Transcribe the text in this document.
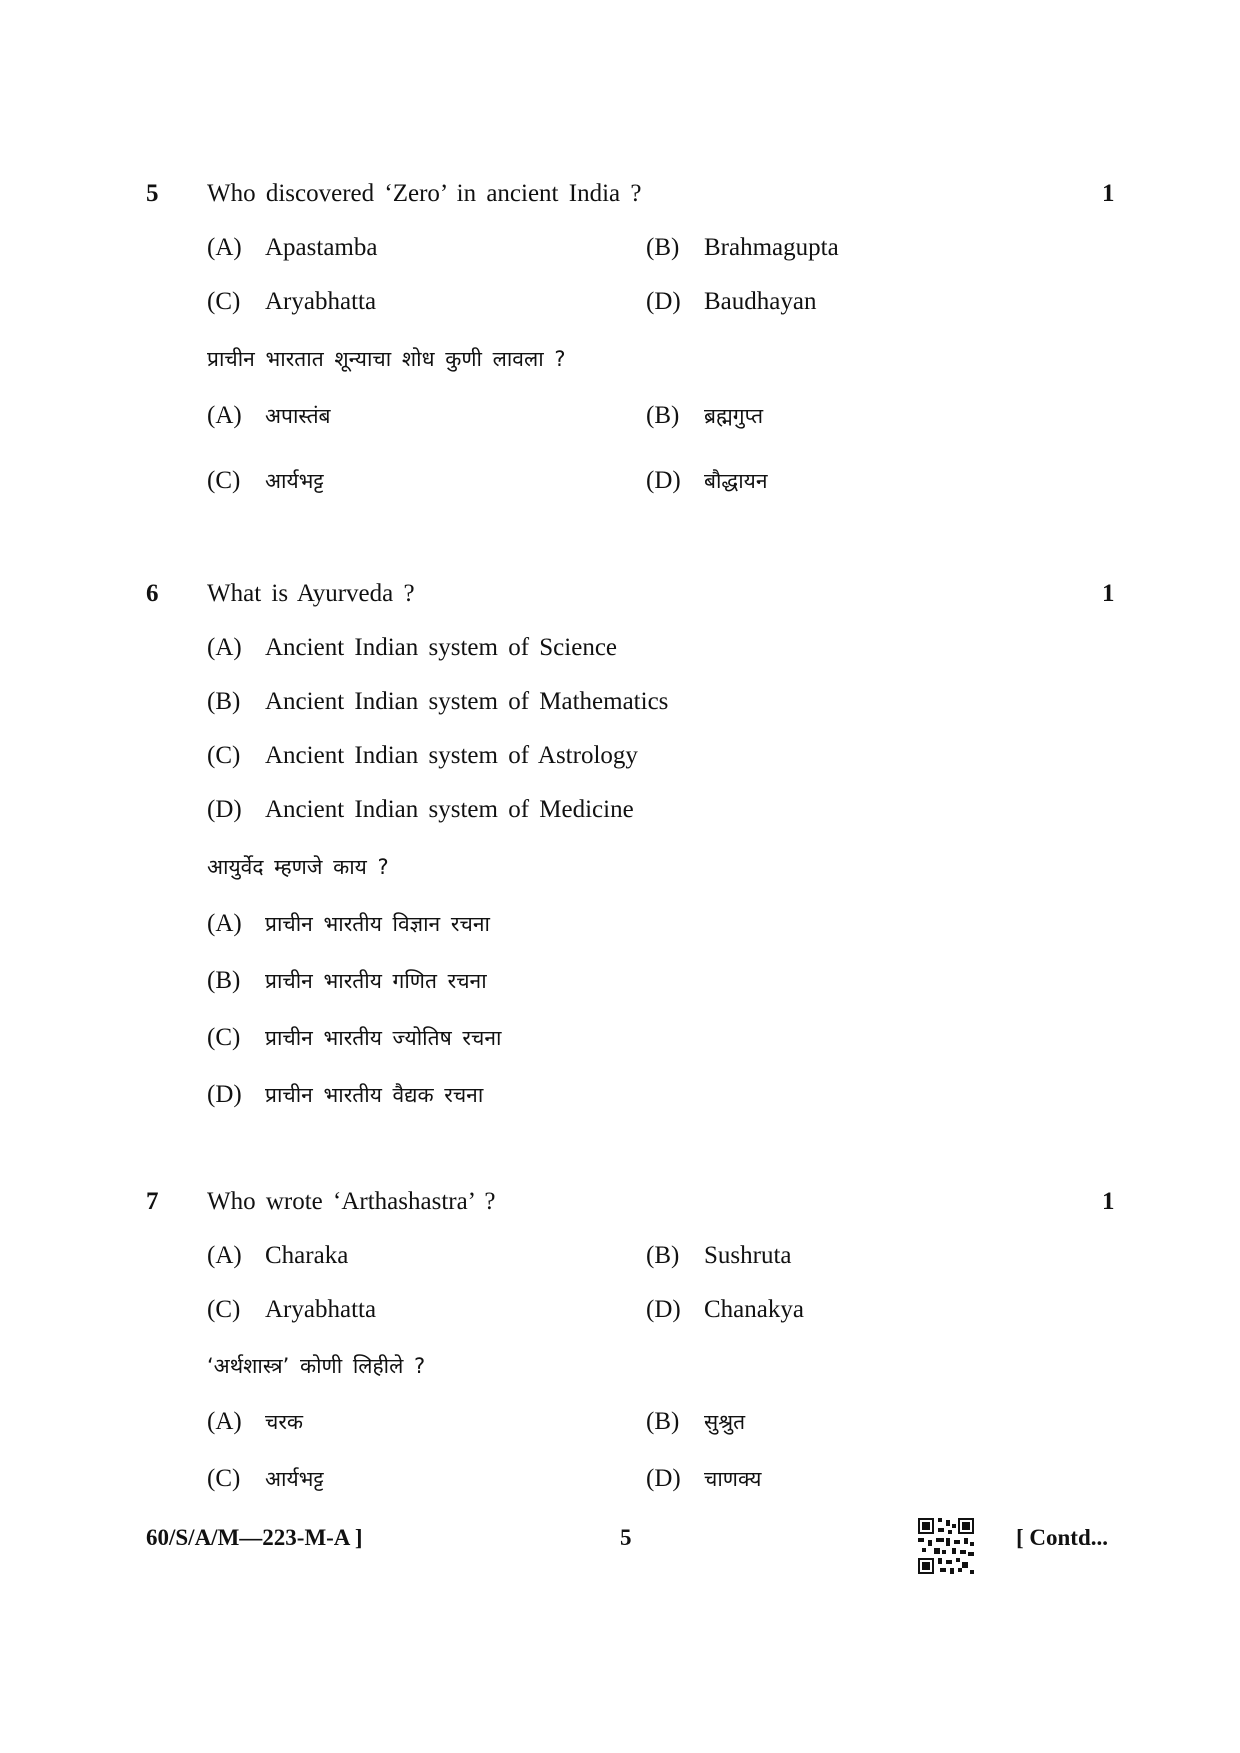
5 Who discovered ‘Zero’ in ancient India ?	1
(A) Apastamba	(B) Brahmagupta
(C) Aryabhatta	(D) Baudhayan
प्राचीन भारतात शून्याचा शोध कुणी लावला ?
(A) अपास्तंब	(B) ब्रह्मगुप्त
(C) आर्यभट्ट	(D) बौद्धायन
6 What is Ayurveda ?	1
(A) Ancient Indian system of Science
(B) Ancient Indian system of Mathematics
(C) Ancient Indian system of Astrology
(D) Ancient Indian system of Medicine
आयुर्वेद म्हणजे काय ?
(A) प्राचीन भारतीय विज्ञान रचना
(B) प्राचीन भारतीय गणित रचना
(C) प्राचीन भारतीय ज्योतिष रचना
(D) प्राचीन भारतीय वैद्यक रचना
7 Who wrote ‘Arthashastra’ ?	1
(A) Charaka	(B) Sushruta
(C) Aryabhatta	(D) Chanakya
‘अर्थशास्त्र’ कोणी लिहीले ?
(A) चरक	(B) सुश्रुत
(C) आर्यभट्ट	(D) चाणक्य
60/S/A/M—223-M-A ]	5	[ Contd...
